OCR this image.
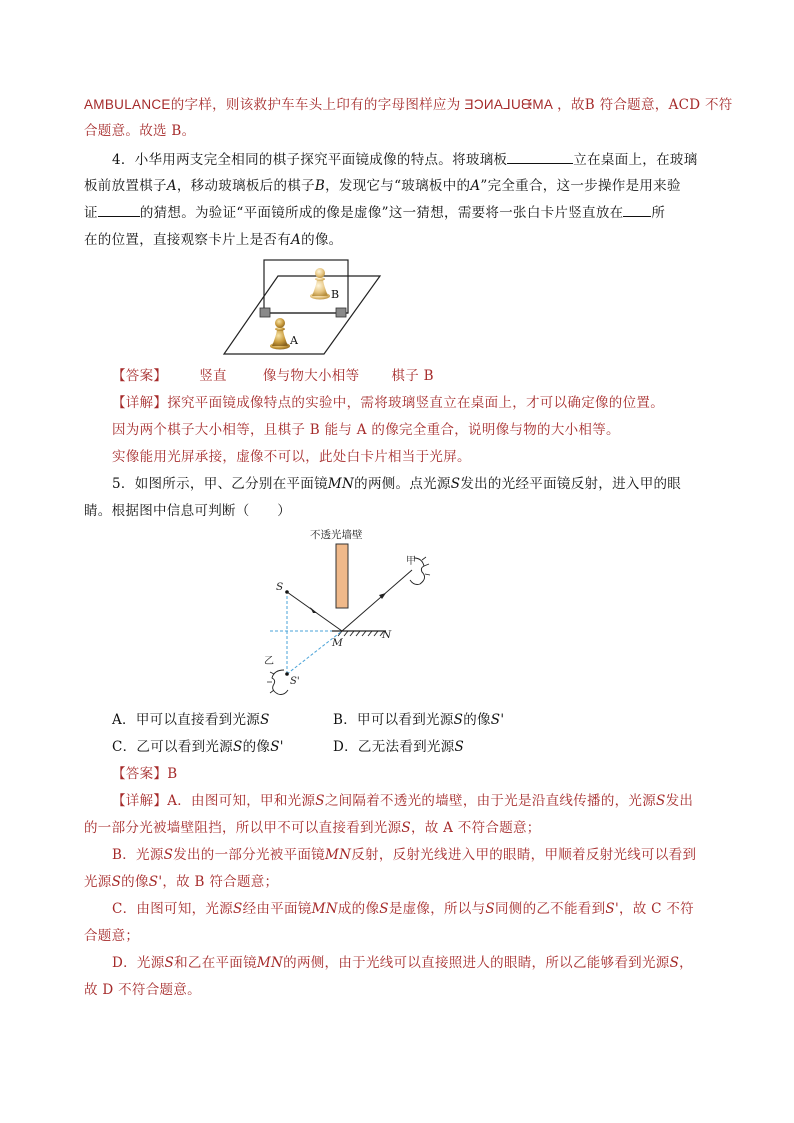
AMBULANCE的字样，则该救护车车头上印有的字母图样应为 ƎƆИA⅃UᙠMA ，故B 符合题意，ACD 不符
合题意。故选 B。
4．小华用两支完全相同的棋子探究平面镜成像的特点。将玻璃板	立在桌面上，在玻璃
板前放置棋子A，移动玻璃板后的棋子B，发现它与“玻璃板中的A”完全重合，这一步操作是用来验
证	的猜想。为验证“平面镜所成的像是虚像”这一猜想，需要将一张白卡片竖直放在 所
在的位置，直接观察卡片上是否有A的像。
B
A
【答案】 竖直	像与物大小相等 棋子 B
【详解】探究平面镜成像特点的实验中，需将玻璃竖直立在桌面上，才可以确定像的位置。
因为两个棋子大小相等，且棋子 B 能与 A 的像完全重合，说明像与物的大小相等。
实像能用光屏承接，虚像不可以，此处白卡片相当于光屏。
5．如图所示，甲、乙分别在平面镜MN的两侧。点光源S发出的光经平面镜反射，进入甲的眼
睛。根据图中信息可判断（　　）
不透光墙壁
M
N
S
甲
S'
乙
A．甲可以直接看到光源S	B．甲可以看到光源S的像S'
C．乙可以看到光源S的像S'	D．乙无法看到光源S
【答案】B
【详解】A．由图可知，甲和光源S之间隔着不透光的墙壁，由于光是沿直线传播的，光源S发出
的一部分光被墙壁阻挡，所以甲不可以直接看到光源S，故 A 不符合题意；
B．光源S发出的一部分光被平面镜MN反射，反射光线进入甲的眼睛，甲顺着反射光线可以看到
光源S的像S'，故 B 符合题意；
C．由图可知，光源S经由平面镜MN成的像S是虚像，所以与S同侧的乙不能看到S'，故 C 不符
合题意；
D．光源S和乙在平面镜MN的两侧，由于光线可以直接照进人的眼睛，所以乙能够看到光源S，
故 D 不符合题意。
